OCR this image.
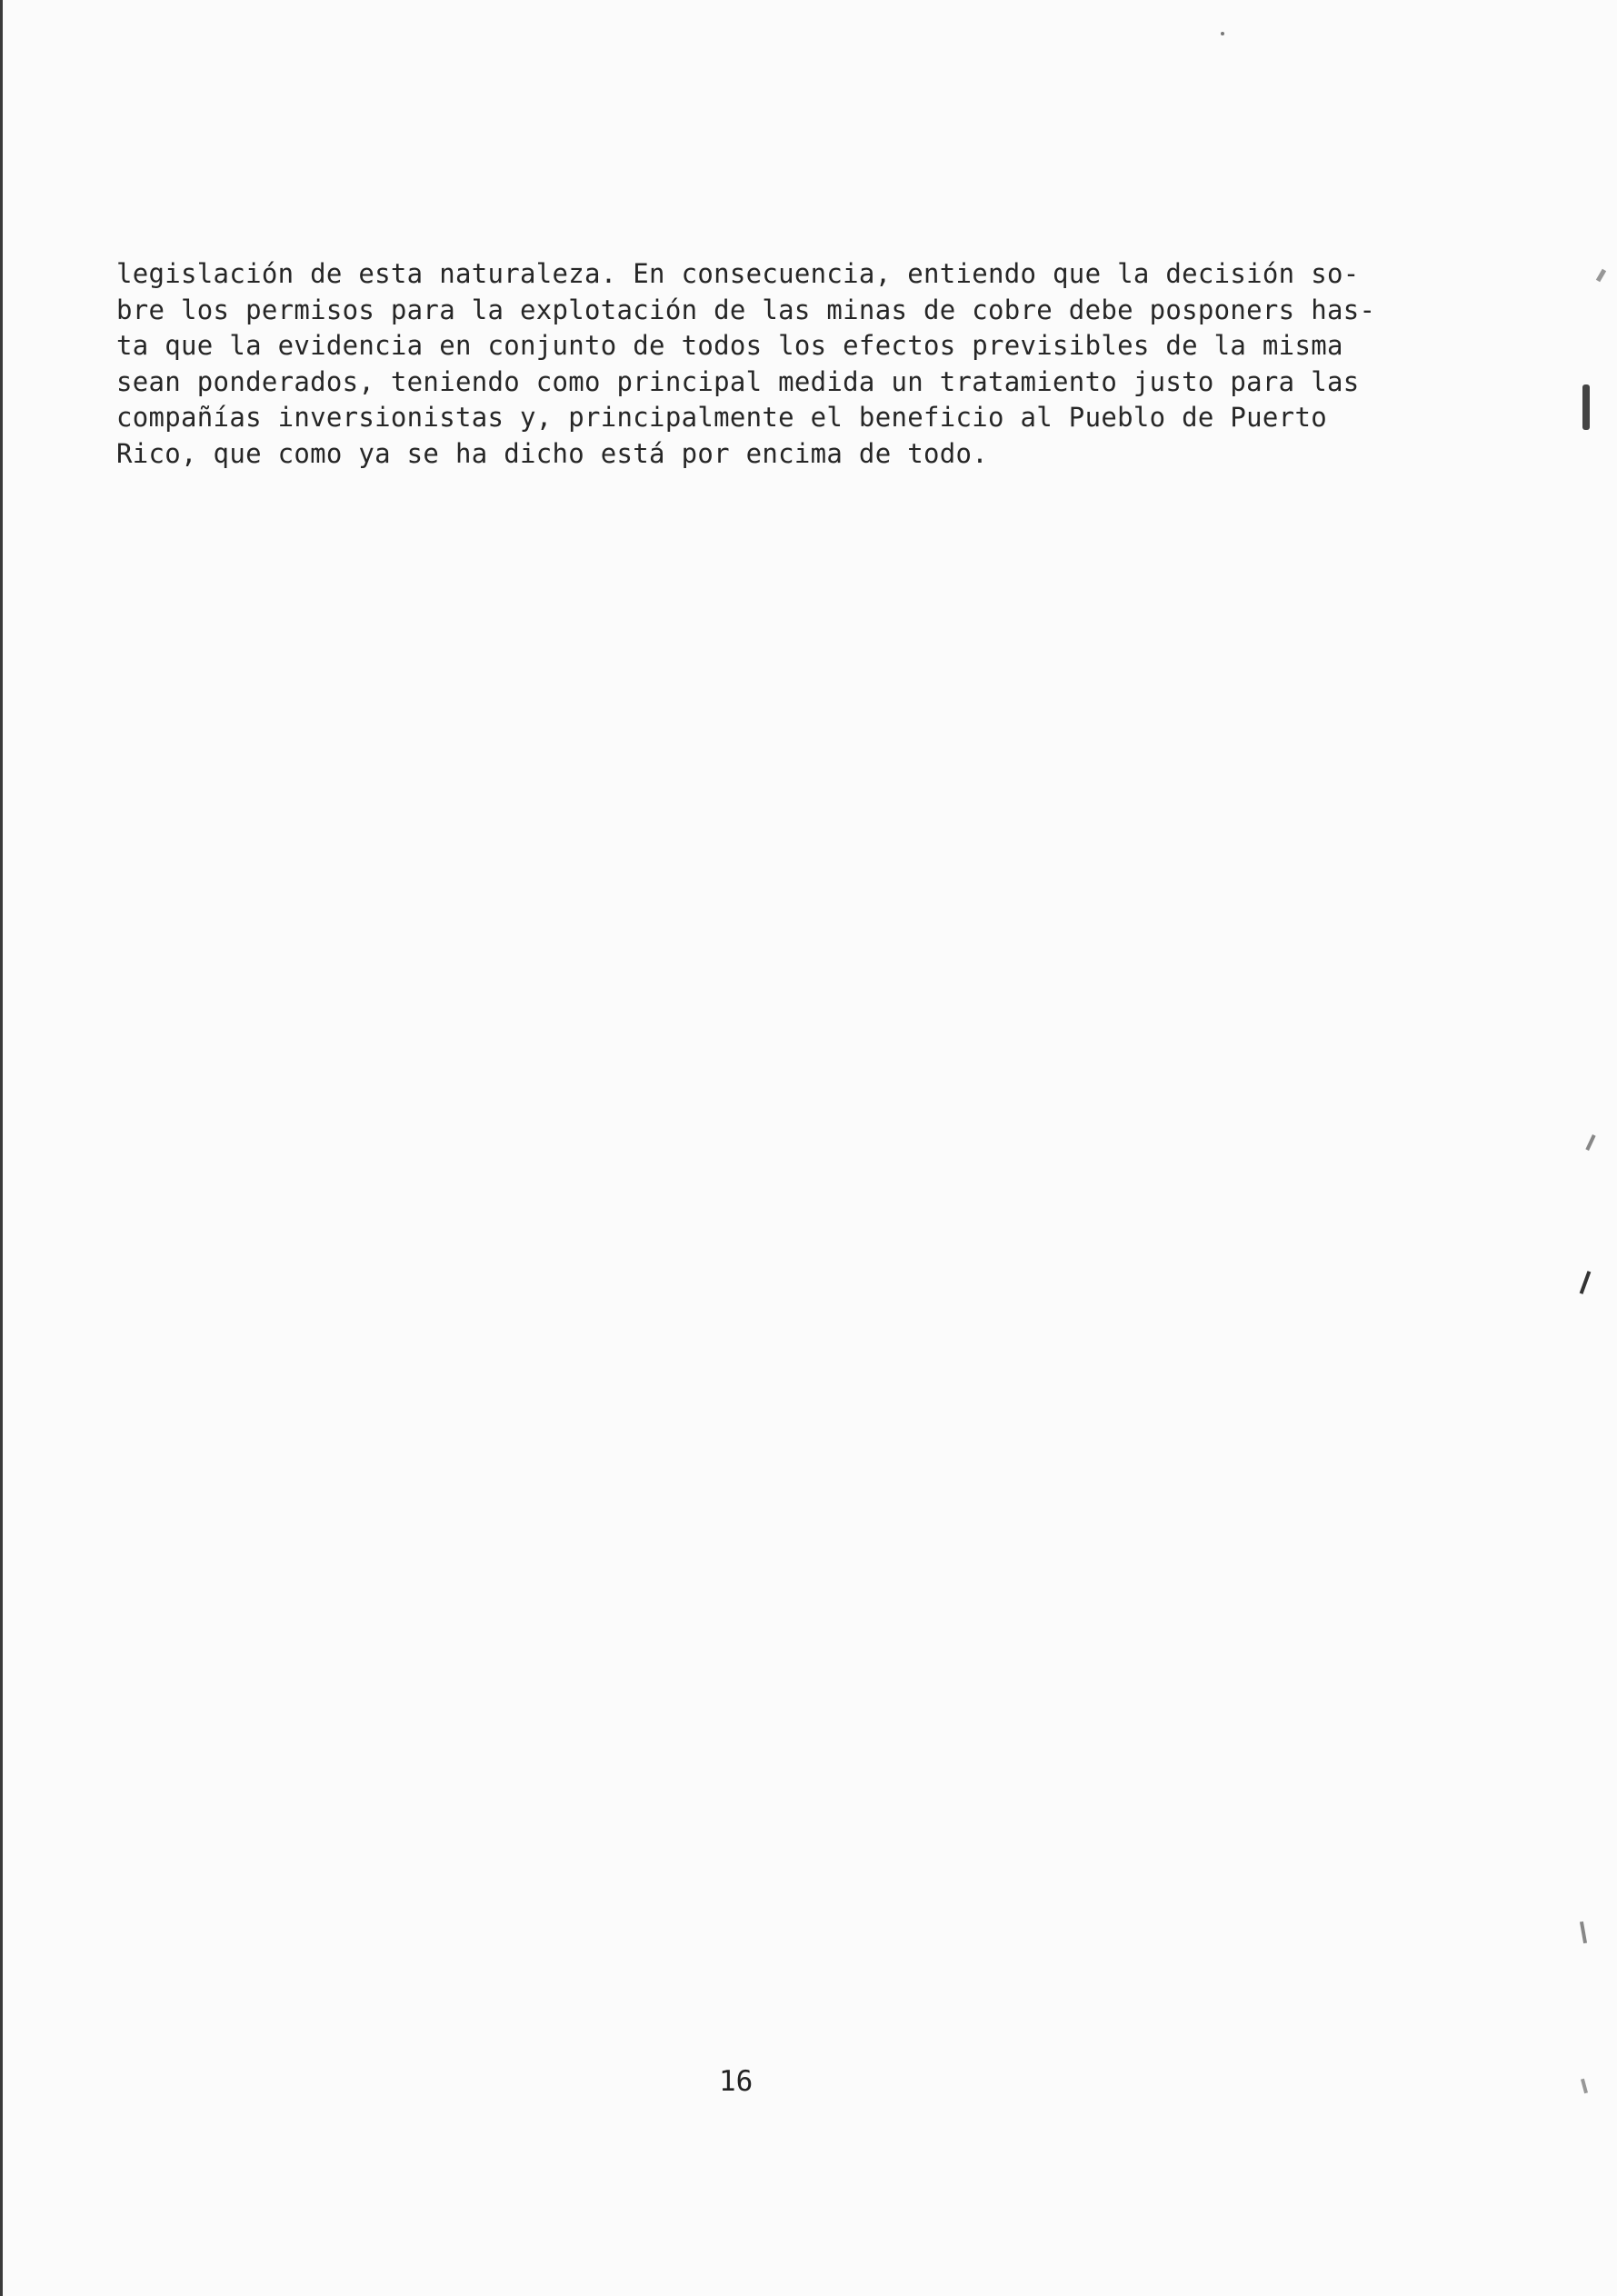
legislación de esta naturaleza. En consecuencia, entiendo que la decisión so-
bre los permisos para la explotación de las minas de cobre debe posponers has-
ta que la evidencia en conjunto de todos los efectos previsibles de la misma
sean ponderados, teniendo como principal medida un tratamiento justo para las
compañías inversionistas y, principalmente el beneficio al Pueblo de Puerto
Rico, que como ya se ha dicho está por encima de todo.
16
